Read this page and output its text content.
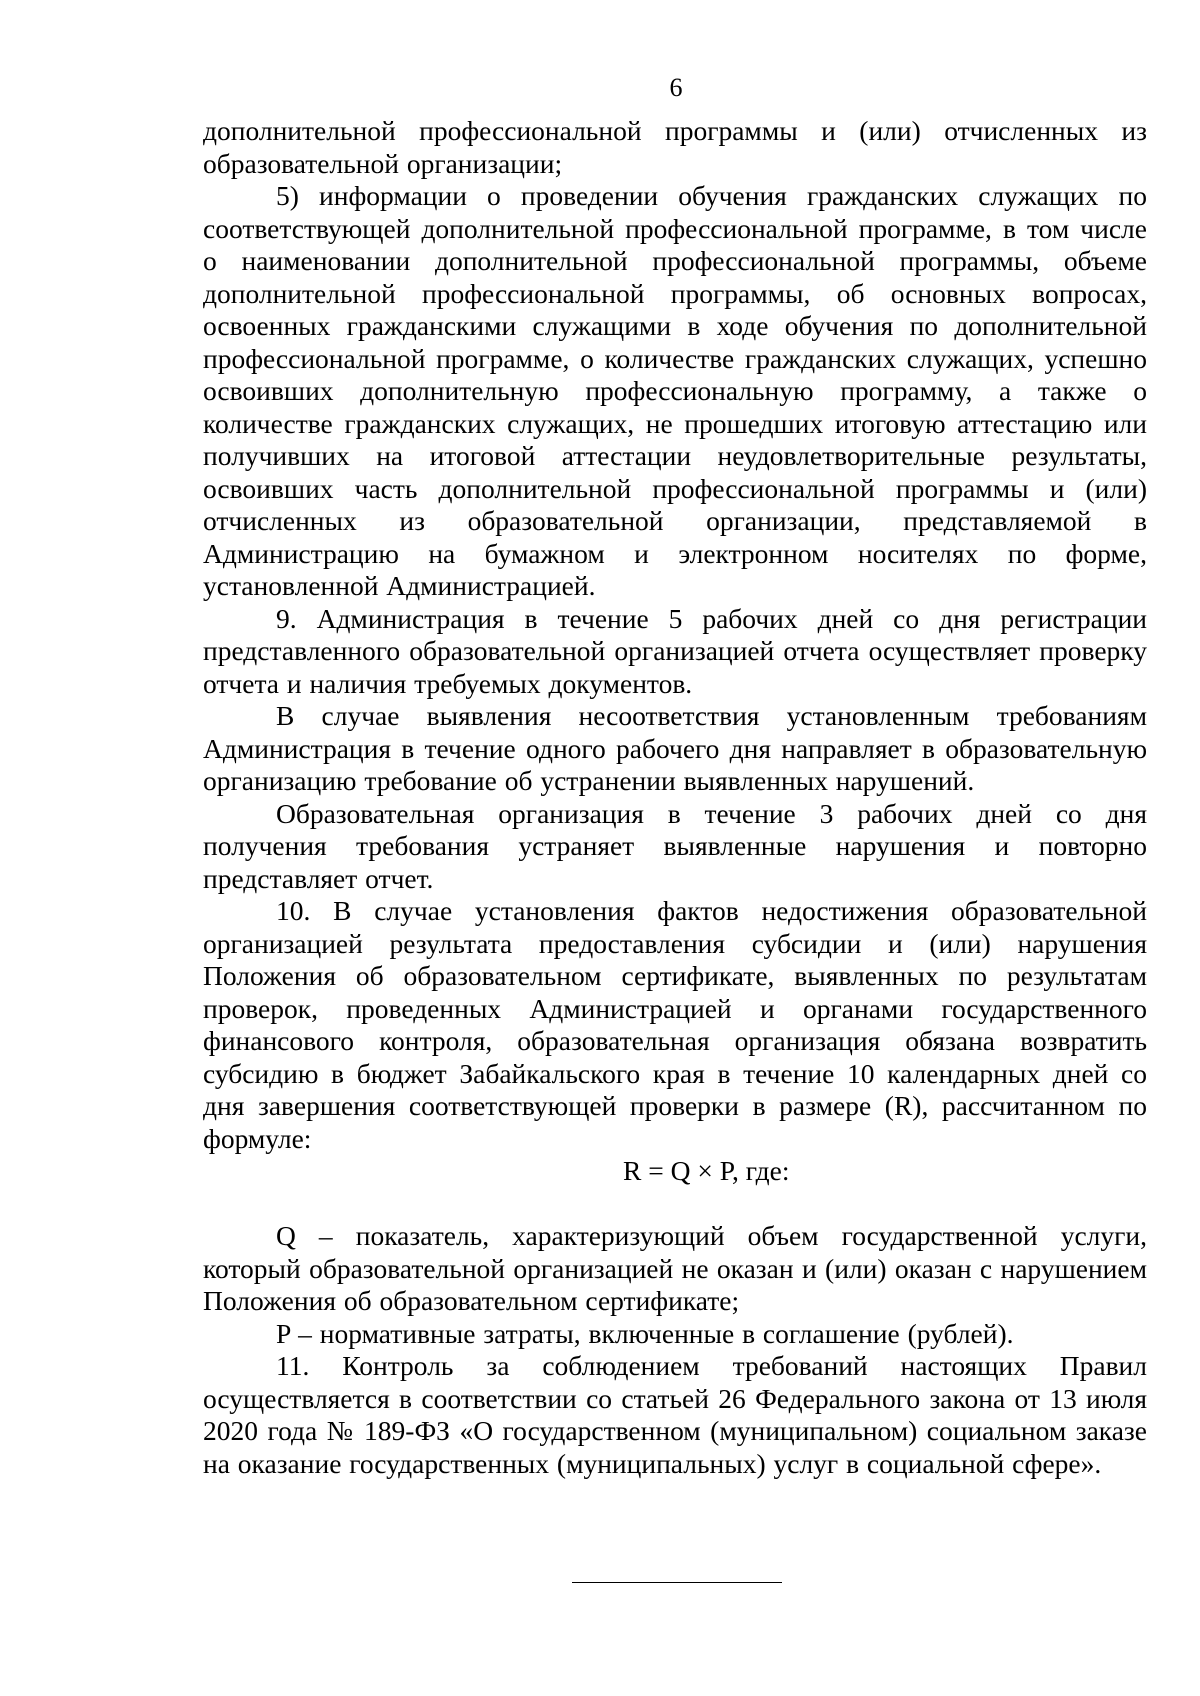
6

дополнительной профессиональной программы и (или) отчисленных из образовательной организации;

5) информации о проведении обучения гражданских служащих по соответствующей дополнительной профессиональной программе, в том числе о наименовании дополнительной профессиональной программы, объеме дополнительной профессиональной программы, об основных вопросах, освоенных гражданскими служащими в ходе обучения по дополнительной профессиональной программе, о количестве гражданских служащих, успешно освоивших дополнительную профессиональную программу, а также о количестве гражданских служащих, не прошедших итоговую аттестацию или получивших на итоговой аттестации неудовлетворительные результаты, освоивших часть дополнительной профессиональной программы и (или) отчисленных из образовательной организации, представляемой в Администрацию на бумажном и электронном носителях по форме, установленной Администрацией.

9. Администрация в течение 5 рабочих дней со дня регистрации представленного образовательной организацией отчета осуществляет проверку отчета и наличия требуемых документов.

В случае выявления несоответствия установленным требованиям Администрация в течение одного рабочего дня направляет в образовательную организацию требование об устранении выявленных нарушений.

Образовательная организация в течение 3 рабочих дней со дня получения требования устраняет выявленные нарушения и повторно представляет отчет.

10. В случае установления фактов недостижения образовательной организацией результата предоставления субсидии и (или) нарушения Положения об образовательном сертификате, выявленных по результатам проверок, проведенных Администрацией и органами государственного финансового контроля, образовательная организация обязана возвратить субсидию в бюджет Забайкальского края в течение 10 календарных дней со дня завершения соответствующей проверки в размере (R), рассчитанном по формуле:

R = Q × P, где:

Q – показатель, характеризующий объем государственной услуги, который образовательной организацией не оказан и (или) оказан с нарушением Положения об образовательном сертификате;

P – нормативные затраты, включенные в соглашение (рублей).

11. Контроль за соблюдением требований настоящих Правил осуществляется в соответствии со статьей 26 Федерального закона от 13 июля 2020 года № 189-ФЗ «О государственном (муниципальном) социальном заказе на оказание государственных (муниципальных) услуг в социальной сфере».
